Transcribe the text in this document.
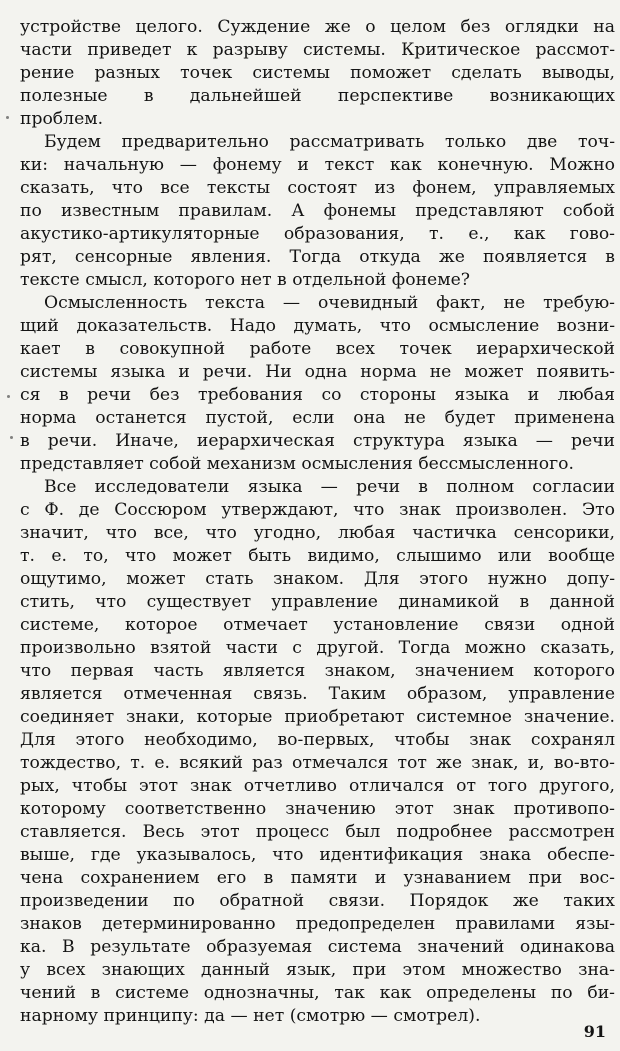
устройстве целого. Суждение же о целом без оглядки на
части приведет к разрыву системы. Критическое рассмот-
рение разных точек системы поможет сделать выводы,
полезные в дальнейшей перспективе возникающих
проблем.
Будем предварительно рассматривать только две точ-
ки: начальную — фонему и текст как конечную. Можно
сказать, что все тексты состоят из фонем, управляемых
по известным правилам. А фонемы представляют собой
акустико-артикуляторные образования, т. е., как гово-
рят, сенсорные явления. Тогда откуда же появляется в
тексте смысл, которого нет в отдельной фонеме?
Осмысленность текста — очевидный факт, не требую-
щий доказательств. Надо думать, что осмысление возни-
кает в совокупной работе всех точек иерархической
системы языка и речи. Ни одна норма не может появить-
ся в речи без требования со стороны языка и любая
норма останется пустой, если она не будет применена
в речи. Иначе, иерархическая структура языка — речи
представляет собой механизм осмысления бессмысленного.
Все исследователи языка — речи в полном согласии
с Ф. де Соссюром утверждают, что знак произволен. Это
значит, что все, что угодно, любая частичка сенсорики,
т. е. то, что может быть видимо, слышимо или вообще
ощутимо, может стать знаком. Для этого нужно допу-
стить, что существует управление динамикой в данной
системе, которое отмечает установление связи одной
произвольно взятой части с другой. Тогда можно сказать,
что первая часть является знаком, значением которого
является отмеченная связь. Таким образом, управление
соединяет знаки, которые приобретают системное значение.
Для этого необходимо, во-первых, чтобы знак сохранял
тождество, т. е. всякий раз отмечался тот же знак, и, во-вто-
рых, чтобы этот знак отчетливо отличался от того другого,
которому соответственно значению этот знак противопо-
ставляется. Весь этот процесс был подробнее рассмотрен
выше, где указывалось, что идентификация знака обеспе-
чена сохранением его в памяти и узнаванием при вос-
произведении по обратной связи. Порядок же таких
знаков детерминированно предопределен правилами язы-
ка. В результате образуемая система значений одинакова
у всех знающих данный язык, при этом множество зна-
чений в системе однозначны, так как определены по би-
нарному принципу: да — нет (смотрю — смотрел).
91
